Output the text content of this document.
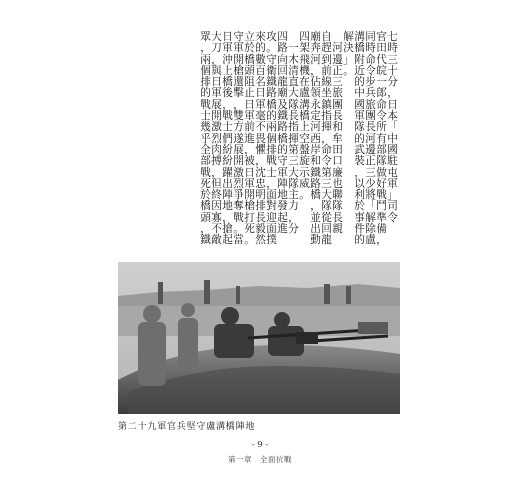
七
時
三
十
分
，
日
本
「
中
國
駐
屯
軍
」
司
令
官
田
代
皖
一
郎
命
令
所
有
部
隊
做
好
戰
鬥
準
備
，
同
時
命
令
步
兵
旅
團
長
河
邊
正
三
少
將
「
解
除
盧
溝
橋
附
近
的
中
國
軍
隊
的
武
裝
，
以
利
於
事
件
的
解
決
」
。

河
邊
正
三
旅
團
長
和
牟
田
口
廉
也
聯
隊
長
親
自
趕
到
前
線
坐
鎮
指
揮
，
命
令
第
三
大
隊
從
回
龍
廟
奔
河
，
佔
領
永
定
河
西
岸
和
鐵
路
橋
，
並
出
動
四
架
飛
機
在
盧
溝
橋
上
空
盤
旋
示
威
。

一
木
清
直
大
隊
長
指
揮
第
三
大
隊
主
力
，
分
四
路
向
回
龍
廟
及
鐵
路
橋
的
守
軍
陣
地
發
起
進
攻
。
守
衛
鐵
路
橋
的
兩
個
排
戰
士
，
面
對
迎
面
撲
來
的
數
百
名
日
軍
毫
不
畏
懼
，
沈
忠
明
排
長
毅
然
立
於
橋
頭
阻
止
日
軍
前
進
，
被
日
軍
開
槍
打
死
。
守
軍
開
槍
還
擊
，
雙
方
遂
展
開
激
烈
爭
奪
戰
。
當
日
軍
沖
上
橋
後
，
戰
士
們
紛
紛
躍
出
陣
地
，
搶
起
大
刀
，
與
日
軍
展
開
激
烈
肉
搏
，
但
終
因
寡
不
敵
眾
，
兩
個
排
的
戰
士
幾
乎
全
部
戰
死
於
橋
頭
，
鐵
第二十九軍官兵堅守盧溝橋陣地
- 9 -
第一章　全面抗戰
